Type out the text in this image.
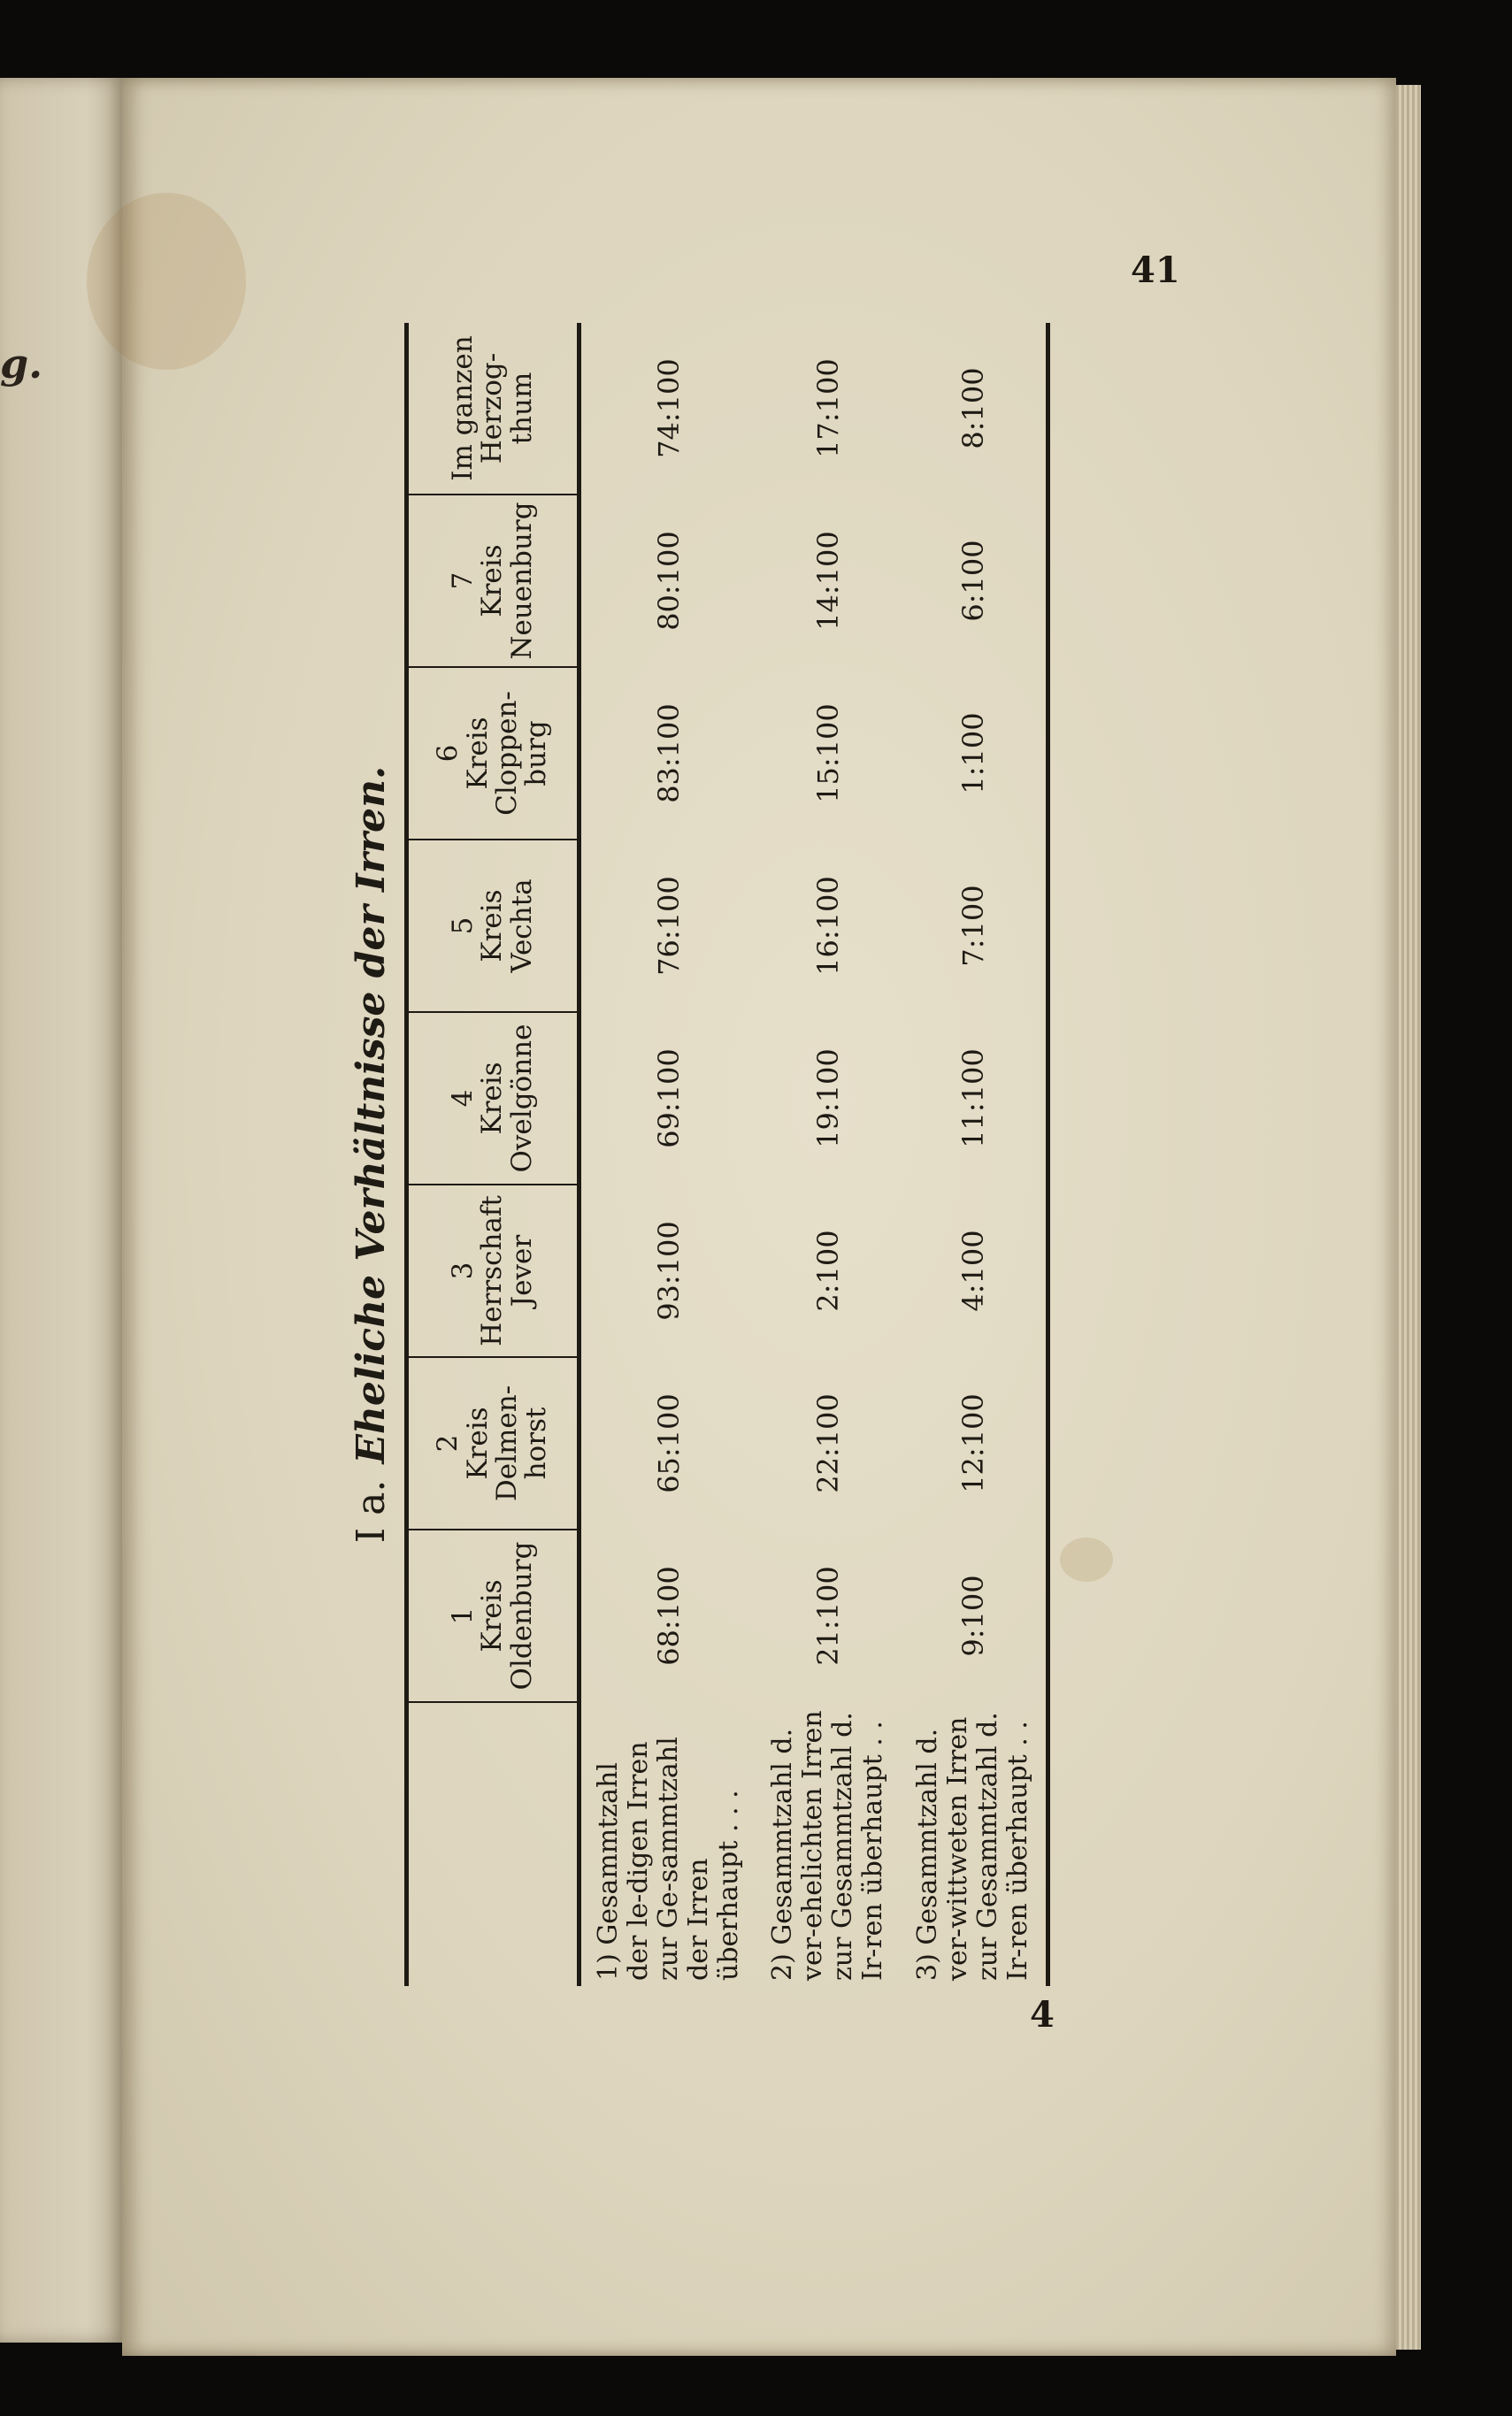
g.
41
4
I a.
Eheliche Verhältnisse der Irren.
1
Kreis Oldenburg
2
Kreis Delmen-horst
3
Herrschaft Jever
4
Kreis Ovelgönne
5
Kreis Vechta
6
Kreis Cloppen-burg
7
Kreis Neuenburg
Im ganzen Herzog-thum
1) Gesammtzahl der le-digen Irren zur Ge-sammtzahl der Irren überhaupt . . .
68:100
65:100
93:100
69:100
76:100
83:100
80:100
74:100
2) Gesammtzahl d. ver-ehelichten Irren zur Gesammtzahl d. Ir-ren überhaupt . .
21:100
22:100
2:100
19:100
16:100
15:100
14:100
17:100
3) Gesammtzahl d. ver-wittweten Irren zur Gesammtzahl d. Ir-ren überhaupt . .
9:100
12:100
4:100
11:100
7:100
1:100
6:100
8:100
